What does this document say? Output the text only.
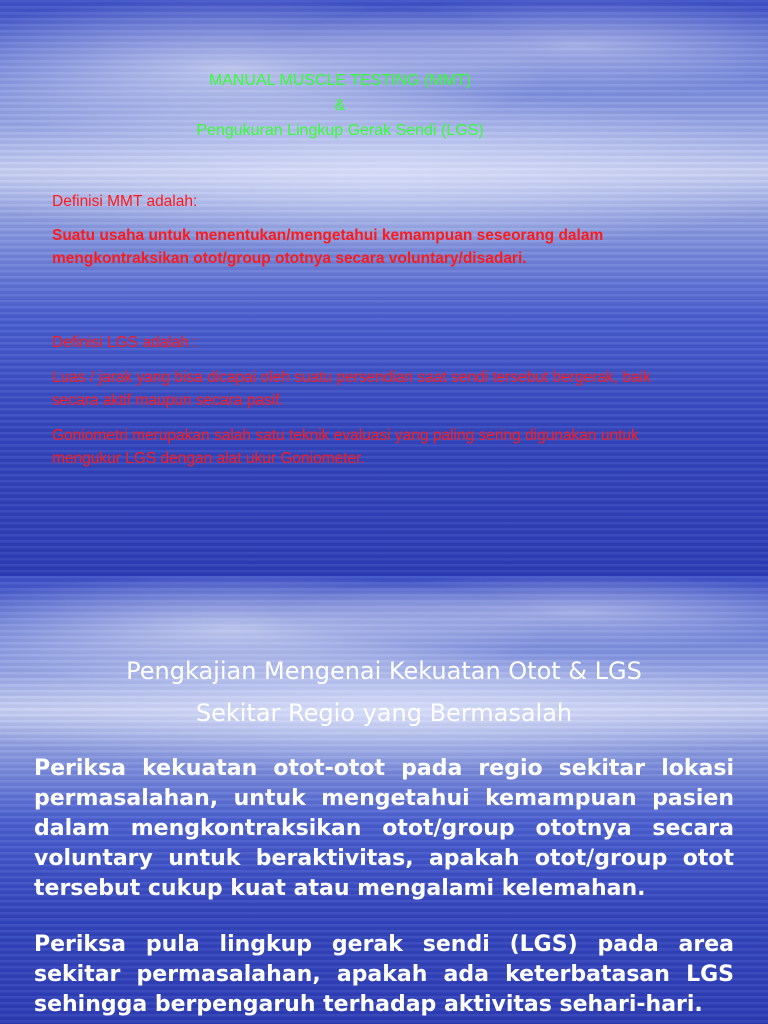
MANUAL MUSCLE TESTING (MMT)
&
Pengukuran Lingkup Gerak Sendi (LGS)
Definisi MMT adalah:
Suatu usaha untuk menentukan/mengetahui kemampuan seseorang dalam mengkontraksikan otot/group ototnya secara voluntary/disadari.
Definisi LGS adalah :
Luas / jarak yang bisa dicapai oleh suatu persendian saat sendi tersebut bergerak, baik secara aktif maupun secara pasif.
Goniometri merupakan salah satu teknik evaluasi yang paling sering digunakan untuk mengukur LGS dengan alat ukur Goniometer.
Pengkajian Mengenai Kekuatan Otot & LGS
Sekitar Regio yang Bermasalah
Periksa kekuatan otot-otot pada regio sekitar lokasi
permasalahan, untuk mengetahui kemampuan pasien
dalam mengkontraksikan otot/group ototnya secara
voluntary untuk beraktivitas, apakah otot/group otot
tersebut cukup kuat atau mengalami kelemahan.
Periksa pula lingkup gerak sendi (LGS) pada area
sekitar permasalahan, apakah ada keterbatasan LGS
sehingga berpengaruh terhadap aktivitas sehari-hari.
